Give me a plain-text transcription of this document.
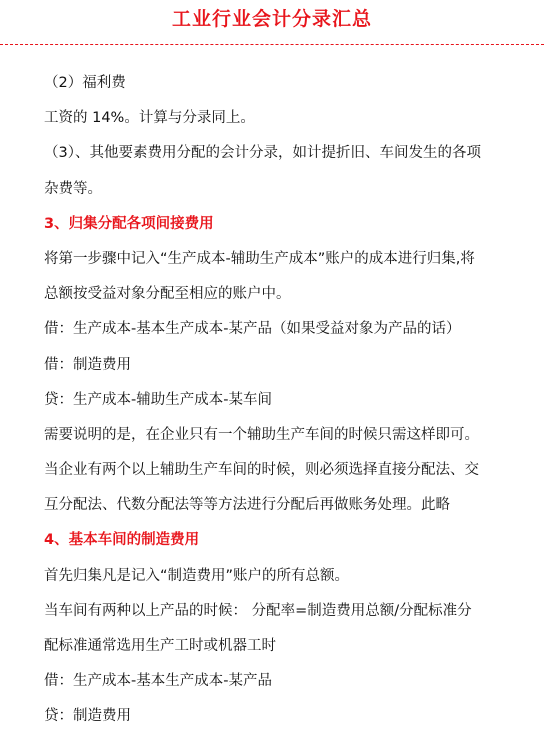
工业行业会计分录汇总
（2）福利费
工资的 14%。计算与分录同上。
（3）、其他要素费用分配的会计分录，如计提折旧、车间发生的各项
杂费等。
3、归集分配各项间接费用
将第一步骤中记入“生产成本-辅助生产成本”账户的成本进行归集,将
总额按受益对象分配至相应的账户中。
借：生产成本-基本生产成本-某产品（如果受益对象为产品的话）
借：制造费用
贷：生产成本-辅助生产成本-某车间
需要说明的是，在企业只有一个辅助生产车间的时候只需这样即可。
当企业有两个以上辅助生产车间的时候，则必须选择直接分配法、交
互分配法、代数分配法等等方法进行分配后再做账务处理。此略
4、基本车间的制造费用
首先归集凡是记入“制造费用”账户的所有总额。
当车间有两种以上产品的时候： 分配率=制造费用总额/分配标准分
配标准通常选用生产工时或机器工时
借：生产成本-基本生产成本-某产品
贷：制造费用
